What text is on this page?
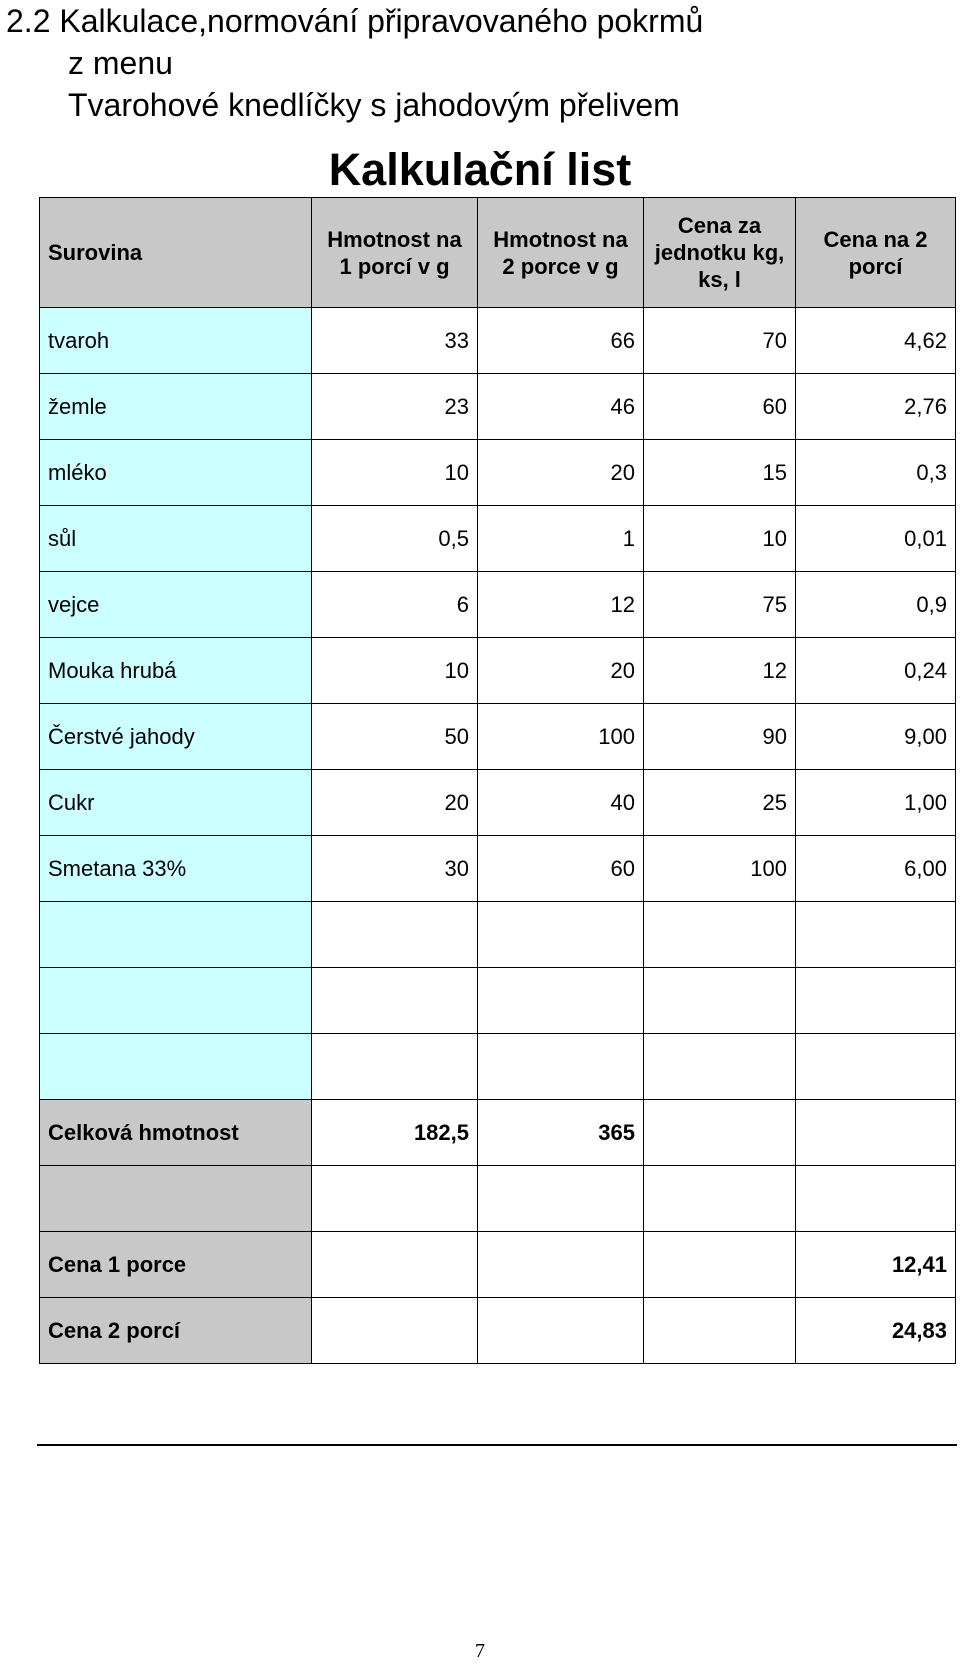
2.2 Kalkulace,normování připravovaného pokrmů
z menu
Tvarohové knedlíčky s jahodovým přelivem
Kalkulační list
Surovina	Hmotnost na 1 porcí v g	Hmotnost na 2 porce v g	Cena za jednotku kg, ks, l	Cena na 2 porcí
tvaroh	33	66	70	4,62
žemle	23	46	60	2,76
mléko	10	20	15	0,3
sůl	0,5	1	10	0,01
vejce	6	12	75	0,9
Mouka hrubá	10	20	12	0,24
Čerstvé jahody	50	100	90	9,00
Cukr	20	40	25	1,00
Smetana 33%	30	60	100	6,00

Celková hmotnost	182,5	365		

Cena 1 porce				12,41
Cena 2 porcí				24,83
7
